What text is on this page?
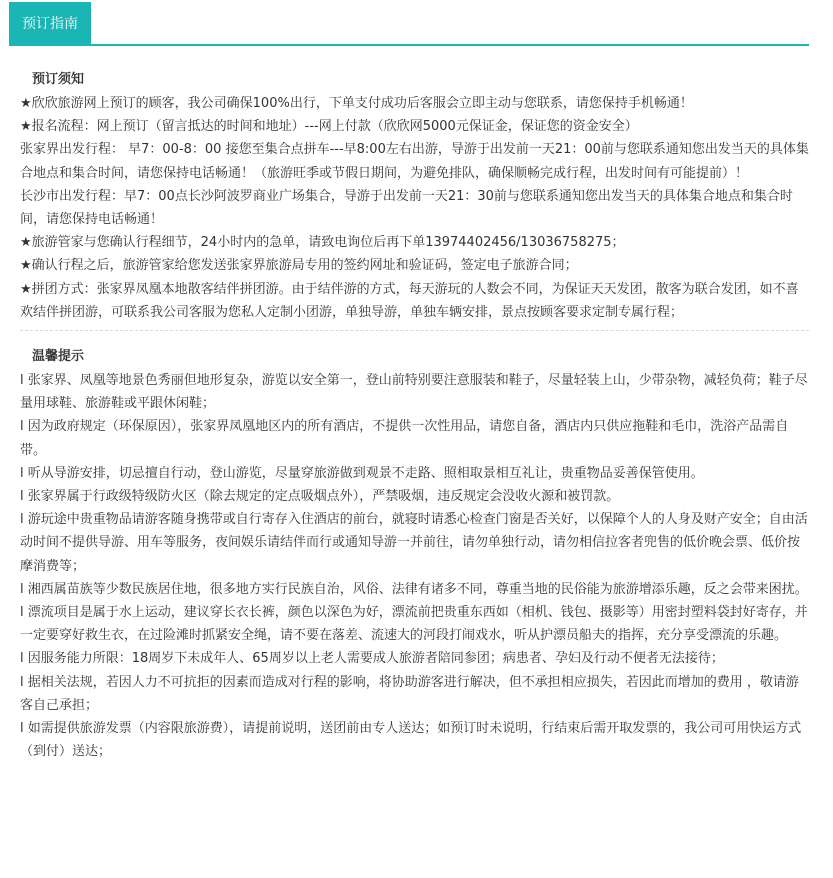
预订指南
预订须知

★欣欣旅游网上预订的顾客，我公司确保100%出行，下单支付成功后客服会立即主动与您联系，请您保持手机畅通！

★报名流程：网上预订（留言抵达的时间和地址）---网上付款（欣欣网5000元保证金，保证您的资金安全）

张家界出发行程： 早7：00-8：00 接您至集合点拼车---早8:00左右出游，导游于出发前一天21：00前与您联系通知您出发当天的具体集合地点和集合时间，请您保持电话畅通！（旅游旺季或节假日期间，为避免排队，确保顺畅完成行程，出发时间有可能提前）！

长沙市出发行程：早7：00点长沙阿波罗商业广场集合，导游于出发前一天21：30前与您联系通知您出发当天的具体集合地点和集合时间，请您保持电话畅通！

★旅游管家与您确认行程细节，24小时内的急单，请致电询位后再下单13974402456/13036758275；

★确认行程之后，旅游管家给您发送张家界旅游局专用的签约网址和验证码，签定电子旅游合同；

★拼团方式：张家界凤凰本地散客结伴拼团游。由于结伴游的方式，每天游玩的人数会不同，为保证天天发团，散客为联合发团，如不喜欢结伴拼团游，可联系我公司客服为您私人定制小团游，单独导游，单独车辆安排，景点按顾客要求定制专属行程；

温馨提示

l 张家界、凤凰等地景色秀丽但地形复杂，游览以安全第一，登山前特别要注意服装和鞋子，尽量轻装上山，少带杂物，减轻负荷；鞋子尽量用球鞋、旅游鞋或平跟休闲鞋；

l 因为政府规定（环保原因），张家界凤凰地区内的所有酒店，不提供一次性用品，请您自备，酒店内只供应拖鞋和毛巾，洗浴产品需自带。

l 听从导游安排，切忌擅自行动，登山游览，尽量穿旅游做到观景不走路、照相取景相互礼让，贵重物品妥善保管使用。

l 张家界属于行政级特级防火区（除去规定的定点吸烟点外），严禁吸烟，违反规定会没收火源和被罚款。

l 游玩途中贵重物品请游客随身携带或自行寄存入住酒店的前台，就寝时请悉心检查门窗是否关好，以保障个人的人身及财产安全；自由活动时间不提供导游、用车等服务，夜间娱乐请结伴而行或通知导游一并前往，请勿单独行动，请勿相信拉客者兜售的低价晚会票、低价按摩消费等；

l 湘西属苗族等少数民族居住地，很多地方实行民族自治，风俗、法律有诸多不同，尊重当地的民俗能为旅游增添乐趣，反之会带来困扰。

l 漂流项目是属于水上运动，建议穿长衣长裤，颜色以深色为好，漂流前把贵重东西如（相机、钱包、摄影等）用密封塑料袋封好寄存，并一定要穿好救生衣，在过险滩时抓紧安全绳，请不要在落差、流速大的河段打闹戏水，听从护漂员船夫的指挥，充分享受漂流的乐趣。

l 因服务能力所限：18周岁下未成年人、65周岁以上老人需要成人旅游者陪同参团；病患者、孕妇及行动不便者无法接待；

l 据相关法规，若因人力不可抗拒的因素而造成对行程的影响，将协助游客进行解决，但不承担相应损失，若因此而增加的费用 ，敬请游客自己承担；

l 如需提供旅游发票（内容限旅游费），请提前说明，送团前由专人送达；如预订时未说明，行结束后需开取发票的，我公司可用快运方式（到付）送达；
